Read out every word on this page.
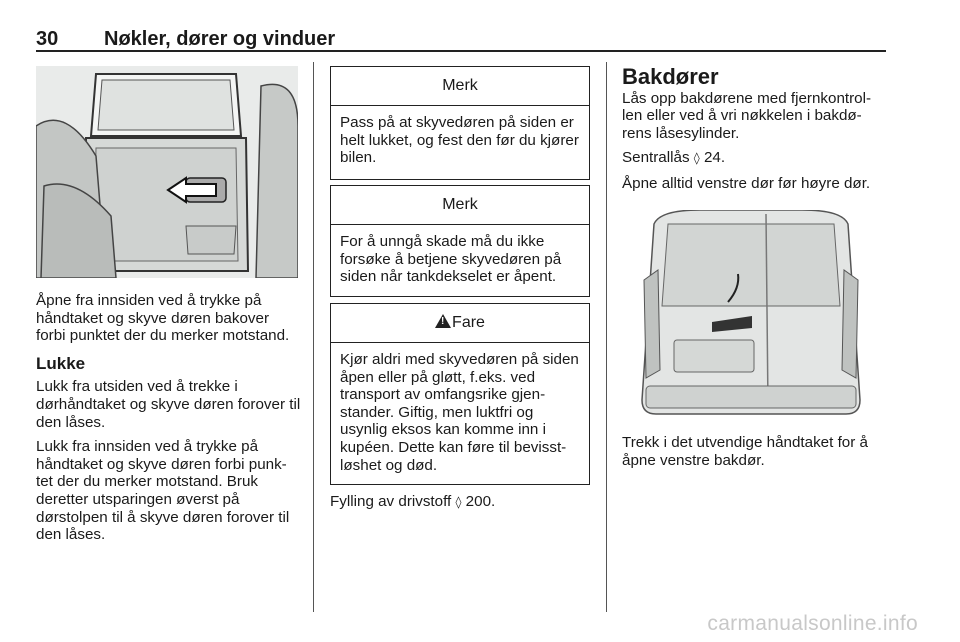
30 Nøkler, dører og vinduer

Åpne fra innsiden ved å trykke på håndtaket og skyve døren bakover forbi punktet der du merker motstand.

Lukke

Lukk fra utsiden ved å trekke i dørhåndtaket og skyve døren forover til den låses.

Lukk fra innsiden ved å trykke på håndtaket og skyve døren forbi punk- tet der du merker motstand. Bruk deretter utsparingen øverst på dørstolpen til å skyve døren forover til den låses.

Merk
Pass på at skyvedøren på siden er helt lukket, og fest den før du kjører bilen.
Merk
For å unngå skade må du ikke forsøke å betjene skyvedøren på siden når tankdekselet er åpent.
!Fare
Kjør aldri med skyvedøren på siden åpen eller på gløtt, f.eks. ved transport av omfangsrike gjen- stander. Giftig, men luktfri og usynlig eksos kan komme inn i kupéen. Dette kan føre til bevisst- løshet og død.
Fylling av drivstoff ◊ 200.
Bakdører

Lås opp bakdørene med fjernkontrol- len eller ved å vri nøkkelen i bakdø- rens låsesylinder.

Sentrallås ◊ 24.

Åpne alltid venstre dør før høyre dør.

Trekk i det utvendige håndtaket for å åpne venstre bakdør.

carmanualsonline.info
